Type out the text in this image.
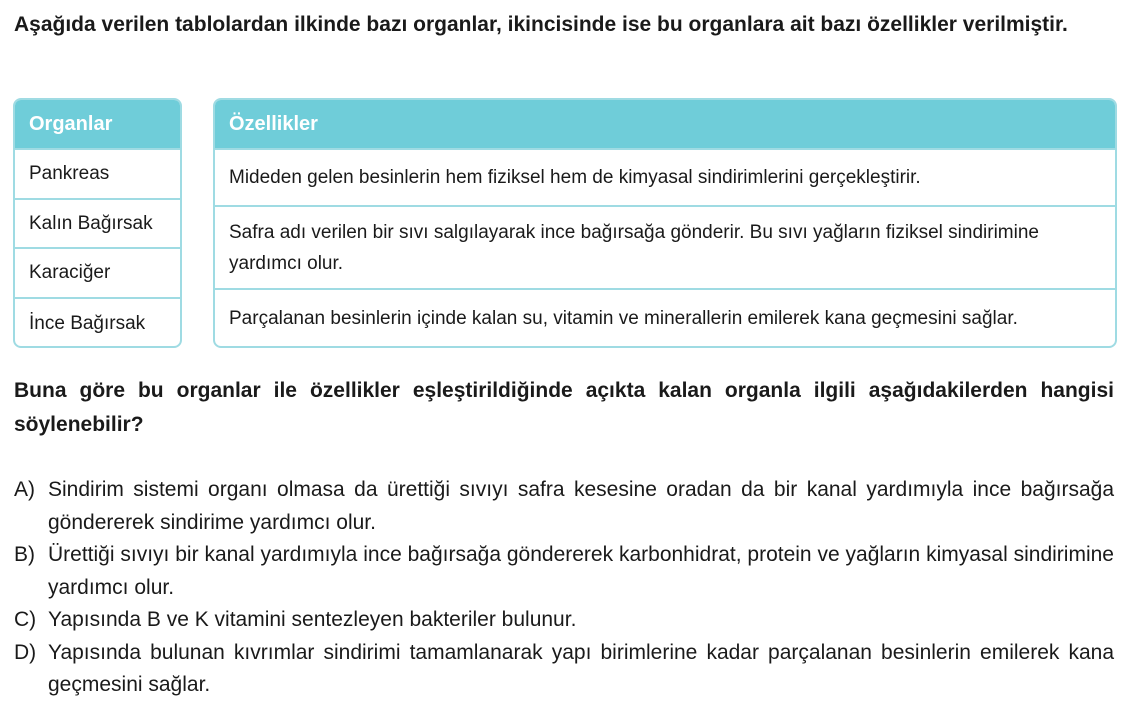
Aşağıda verilen tablolardan ilkinde bazı organlar, ikincisinde ise bu organlara ait bazı özellikler verilmiştir.
Organlar
Pankreas
Kalın Bağırsak
Karaciğer
İnce Bağırsak
Özellikler
Mideden gelen besinlerin hem fiziksel hem de kimyasal sindirimlerini gerçekleştirir.
Safra adı verilen bir sıvı salgılayarak ince bağırsağa gönderir. Bu sıvı yağların fiziksel sindirimine yardımcı olur.
Parçalanan besinlerin içinde kalan su, vitamin ve minerallerin emilerek kana geçmesini sağlar.
Buna göre bu organlar ile özellikler eşleştirildiğinde açıkta kalan organla ilgili aşağıdakilerden hangisi söylenebilir?
A) Sindirim sistemi organı olmasa da ürettiği sıvıyı safra kesesine oradan da bir kanal yardımıyla ince bağırsağa göndererek sindirime yardımcı olur.
B) Ürettiği sıvıyı bir kanal yardımıyla ince bağırsağa göndererek karbonhidrat, protein ve yağların kimyasal sindirimine yardımcı olur.
C) Yapısında B ve K vitamini sentezleyen bakteriler bulunur.
D) Yapısında bulunan kıvrımlar sindirimi tamamlanarak yapı birimlerine kadar parçalanan besinlerin emilerek kana geçmesini sağlar.
